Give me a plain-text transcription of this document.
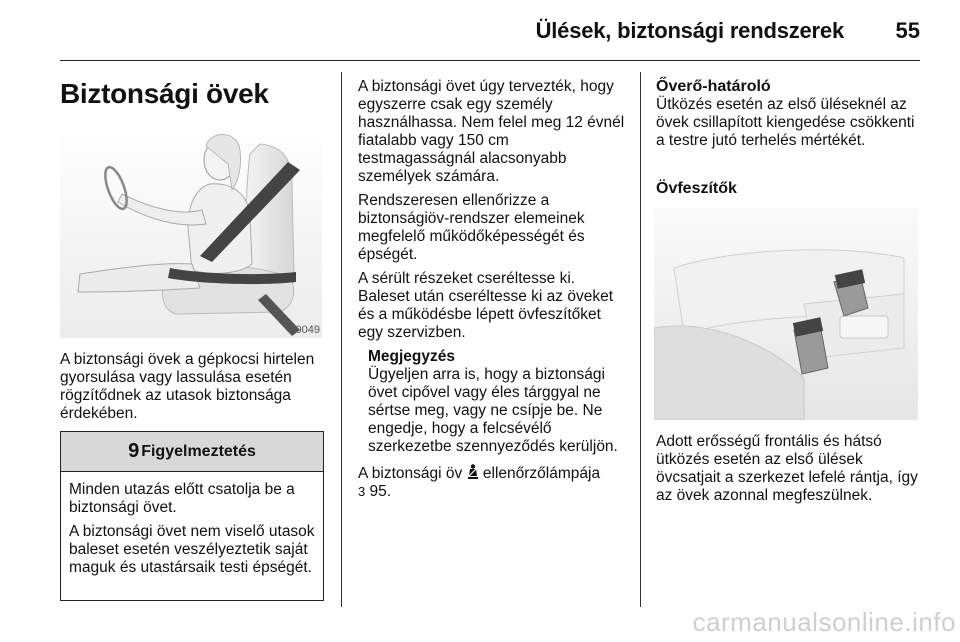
Ülések, biztonsági rendszerek 55
Biztonsági övek
30049
A biztonsági övek a gépkocsi hirtelen gyorsulása vagy lassulása esetén rögzítődnek az utasok biztonsága érdekében.
9 Figyelmeztetés

Minden utazás előtt csatolja be a biztonsági övet.

A biztonsági övet nem viselő utasok baleset esetén veszélyeztetik saját maguk és utastársaik testi épségét.

A biztonsági övet úgy tervezték, hogy egyszerre csak egy személy használhassa. Nem felel meg 12 évnél fiatalabb vagy 150 cm testmagasságnál alacsonyabb személyek számára.

Rendszeresen ellenőrizze a biztonságiöv-rendszer elemeinek megfelelő működőképességét és épségét.

A sérült részeket cseréltesse ki. Baleset után cseréltesse ki az öveket és a működésbe lépett övfeszítőket egy szervizben.

Megjegyzés
Ügyeljen arra is, hogy a biztonsági övet cipővel vagy éles tárggyal ne sértse meg, vagy ne csípje be. Ne engedje, hogy a felcsévélő szerkezetbe szennyeződés kerüljön.

A biztonsági öv ellenőrzőlámpája
3 95.

Őverő-határoló
Ütközés esetén az első üléseknél az övek csillapított kiengedése csökkenti a testre jutó terhelés mértékét.
Övfeszítők
Adott erősségű frontális és hátsó ütközés esetén az első ülések övcsatjait a szerkezet lefelé rántja, így az övek azonnal megfeszülnek.
carmanualsonline.info
